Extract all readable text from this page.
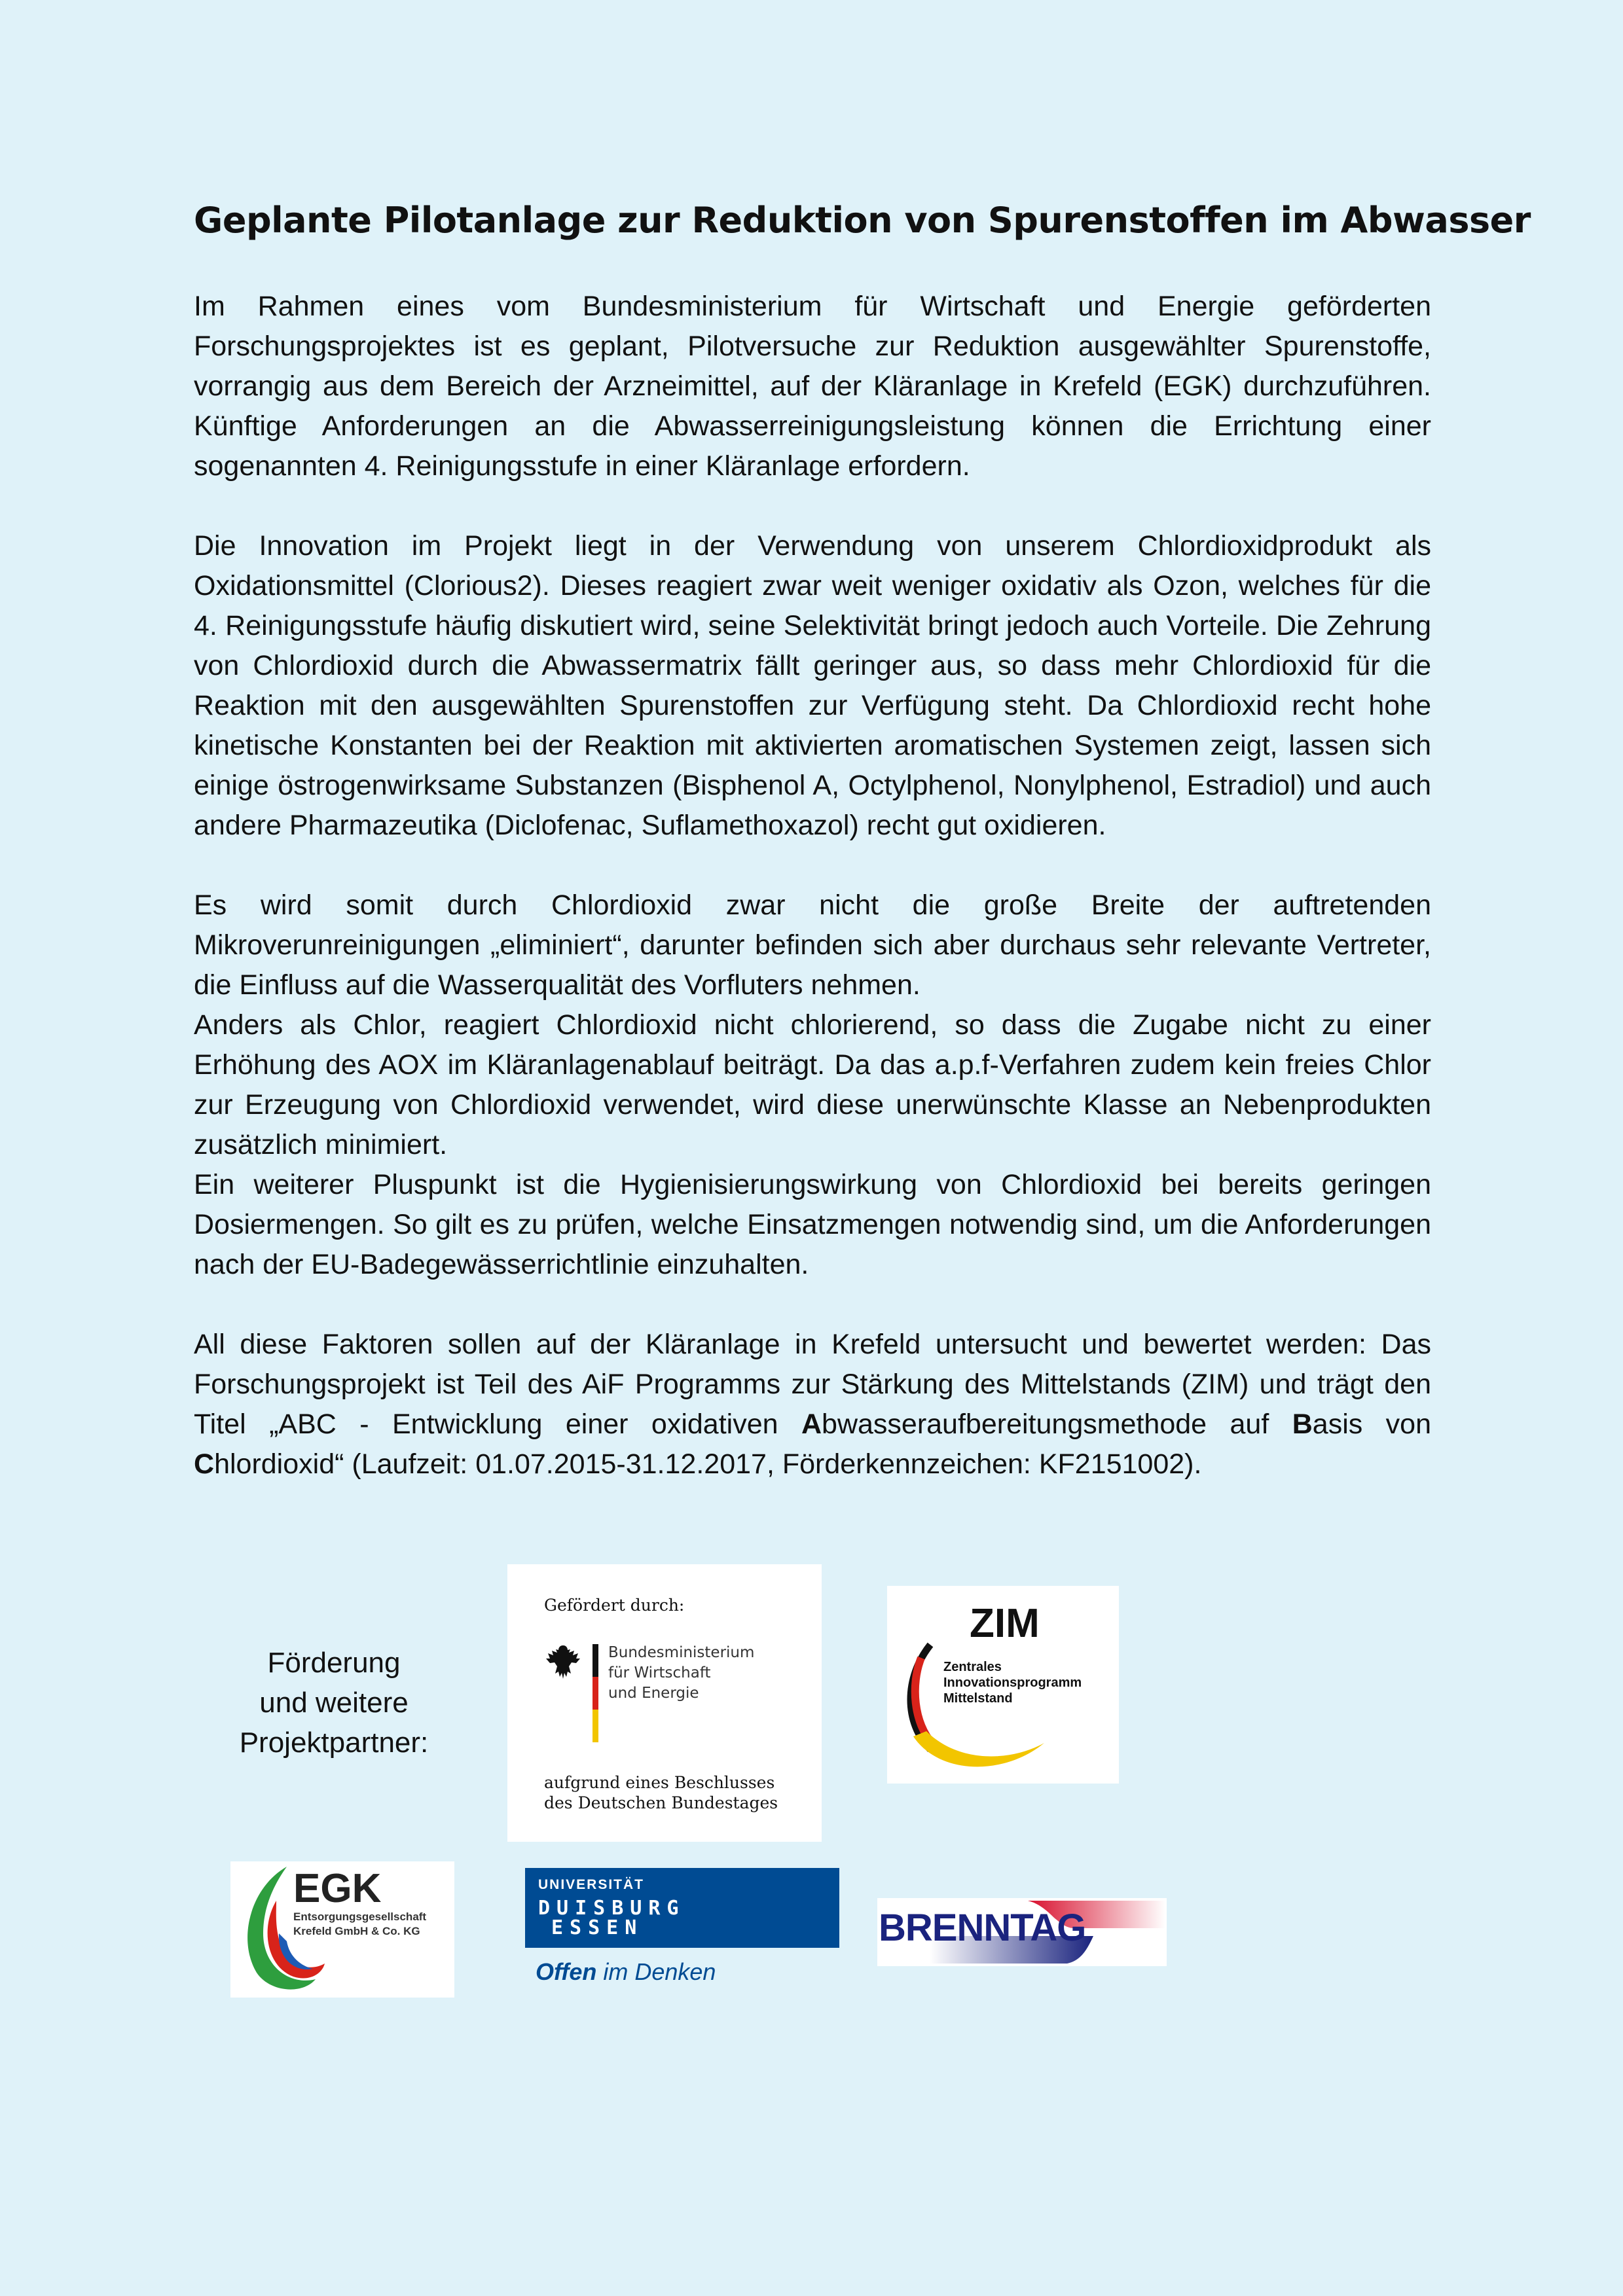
Geplante Pilotanlage zur Reduktion von Spurenstoffen im Abwasser

Im Rahmen eines vom Bundesministerium für Wirtschaft und Energie geförderten Forschungsprojektes ist es geplant, Pilotversuche zur Reduktion ausgewählter Spurenstoffe, vorrangig aus dem Bereich der Arzneimittel, auf der Kläranlage in Krefeld (EGK) durchzuführen. Künftige Anforderungen an die Abwasserreinigungsleistung können die Errichtung einer sogenannten 4. Reinigungsstufe in einer Kläranlage erfordern.

Die Innovation im Projekt liegt in der Verwendung von unserem Chlordioxidprodukt als Oxidationsmittel (Clorious2). Dieses reagiert zwar weit weniger oxidativ als Ozon, welches für die 4. Reinigungsstufe häufig diskutiert wird, seine Selektivität bringt jedoch auch Vorteile. Die Zehrung von Chlordioxid durch die Abwassermatrix fällt geringer aus, so dass mehr Chlordioxid für die Reaktion mit den ausgewählten Spurenstoffen zur Verfügung steht. Da Chlordioxid recht hohe kinetische Konstanten bei der Reaktion mit aktivierten aromatischen Systemen zeigt, lassen sich einige östrogenwirksame Substanzen (Bisphenol A, Octylphenol, Nonylphenol, Estradiol) und auch andere Pharmazeutika (Diclofenac, Suflamethoxazol) recht gut oxidieren.

Es wird somit durch Chlordioxid zwar nicht die große Breite der auftretenden Mikroverunreinigungen „eliminiert“, darunter befinden sich aber durchaus sehr relevante Vertreter, die Einfluss auf die Wasserqualität des Vorfluters nehmen.

Anders als Chlor, reagiert Chlordioxid nicht chlorierend, so dass die Zugabe nicht zu einer Erhöhung des AOX im Kläranlagenablauf beiträgt. Da das a.p.f-Verfahren zudem kein freies Chlor zur Erzeugung von Chlordioxid verwendet, wird diese unerwünschte Klasse an Nebenprodukten zusätzlich minimiert.

Ein weiterer Pluspunkt ist die Hygienisierungswirkung von Chlordioxid bei bereits geringen Dosiermengen. So gilt es zu prüfen, welche Einsatzmengen notwendig sind, um die Anforderungen nach der EU-Badegewässerrichtlinie einzuhalten.

All diese Faktoren sollen auf der Kläranlage in Krefeld untersucht und bewertet werden: Das Forschungsprojekt ist Teil des AiF Programms zur Stärkung des Mittelstands (ZIM) und trägt den Titel „ABC - Entwicklung einer oxidativen Abwasseraufbereitungsmethode auf Basis von Chlordioxid“ (Laufzeit: 01.07.2015-31.12.2017, Förderkennzeichen: KF2151002).

Förderung
und weitere
Projektpartner:
Gefördert durch:
Bundesministerium
für Wirtschaft
und Energie
aufgrund eines Beschlusses
des Deutschen Bundestages
ZIM
Zentrales
Innovationsprogramm
Mittelstand
EGK
Entsorgungsgesellschaft
Krefeld GmbH & Co. KG
UNIVERSITÄT
DUISBURG
ESSEN
Offen im Denken
BRENNTAG
